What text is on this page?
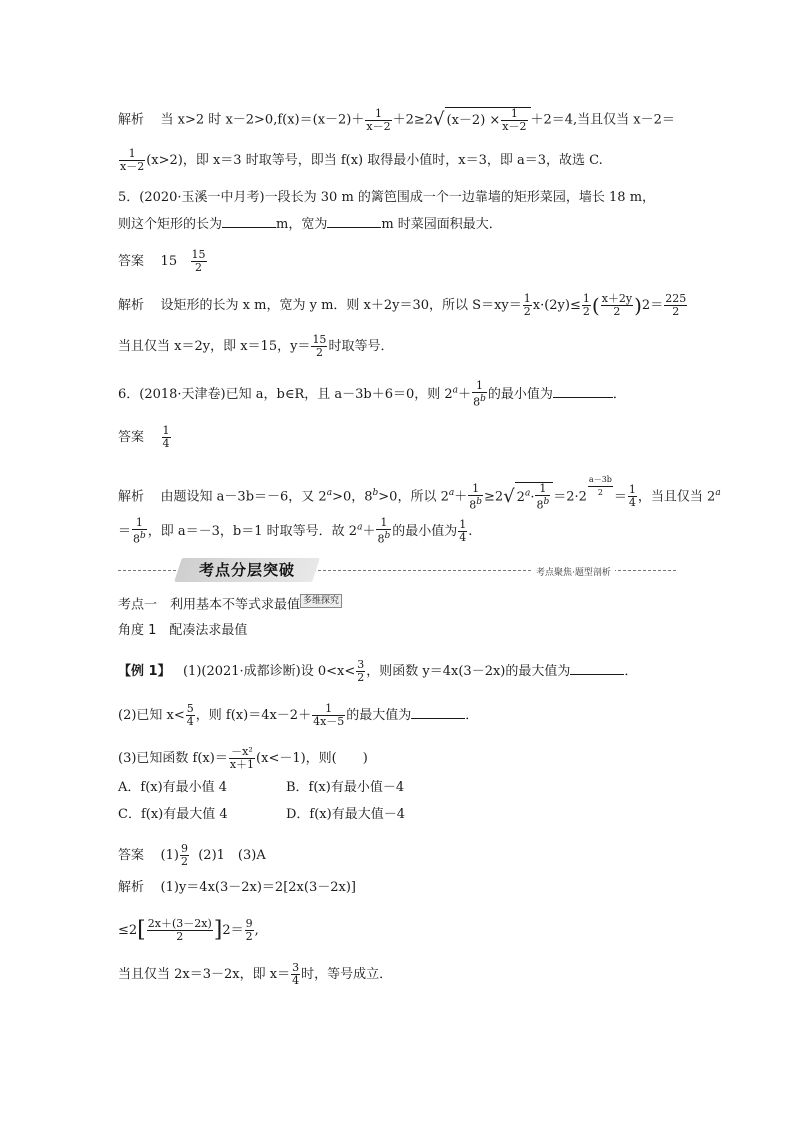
解析 当 x>2 时 $x-2>0,f(x)=(x-2)+ \frac{1}{x-2} +2\ge 2√$ $(x-2) \times \frac{1}{x-2} +2=4$,当且仅当 x－2＝
$\frac{1}{x-2} (x>2)$，即 x＝3 时取等号，即当 f(x) 取得最小值时，x＝3，即 a＝3，故选 C.
5．(2020·玉溪一中月考)一段长为 30 m 的篱笆围成一个一边靠墙的矩形菜园，墙长 18 m，
则这个矩形的长为	m，宽为	m 时菜园面积最大．
答案 $15 \frac{15}{2}$
解析 设矩形的长为 x m，宽为 y m．则 x＋2y＝30，所以 $S=xy= \frac{1}{2} x\cdot(2y)\le \frac{1}{2}$ ( $\frac{x+2y}{2} )2= \frac{225}{2}$
当且仅当 x＝2y，即 x＝15，$y= \frac{15}{2}$ 时取等号．
6．(2018·天津卷)已知 a，b∈R，且 a－3b＋6＝0，则 $2^a+ \frac{1}{8^b}$ 的最小值为	．
答案 $\frac{1}{4}$
解析 由题设知 a－3b＝－6，又 $2^a>0$，$8^b>0$，所以 $2^a+ \frac{1}{8^b} \ge 2√$ $2^a\cdot \frac{1}{8^b} =2\cdot 2 \frac{a-3b}{2} = \frac{1}{4}$ ，当且仅当 $2^a$
＝ $\frac{1}{8^b}$ ，即 a＝－3，b＝1 时取等号．故 $2^a+ \frac{1}{8^b}$ 的最小值为 $\frac{1}{4}$ .
考点分层突破	考点聚焦·题型剖析
考点一　利用基本不等式求最值 多维探究
角度 1　配凑法求最值
【例 1】 (1)(2021·成都诊断)设 $0<x< \frac{3}{2}$ ，则函数 y＝4x(3－2x)的最大值为	．
(2)已知 $x< \frac{5}{4}$ ，则 $f(x)=4x-2+ \frac{1}{4x-5}$ 的最大值为	．
(3)已知函数 $f(x)= \frac{\text{－x²}}{x+1} (x<-1)$，则(　　)
A．f(x)有最小值 4	B．f(x)有最小值－4
C．f(x)有最大值 4	D．f(x)有最大值－4
答案 $(1) \frac{9}{2} (2)1$　(3)A
解析 (1)y＝4x(3－2x)＝2[2x(3－2x)]
$\le 2[ \frac{2x+(3-2x)}{2} ]2= \frac{9}{2}$ ,
当且仅当 2x＝3－2x，即 $x= \frac{3}{4}$ 时，等号成立．
